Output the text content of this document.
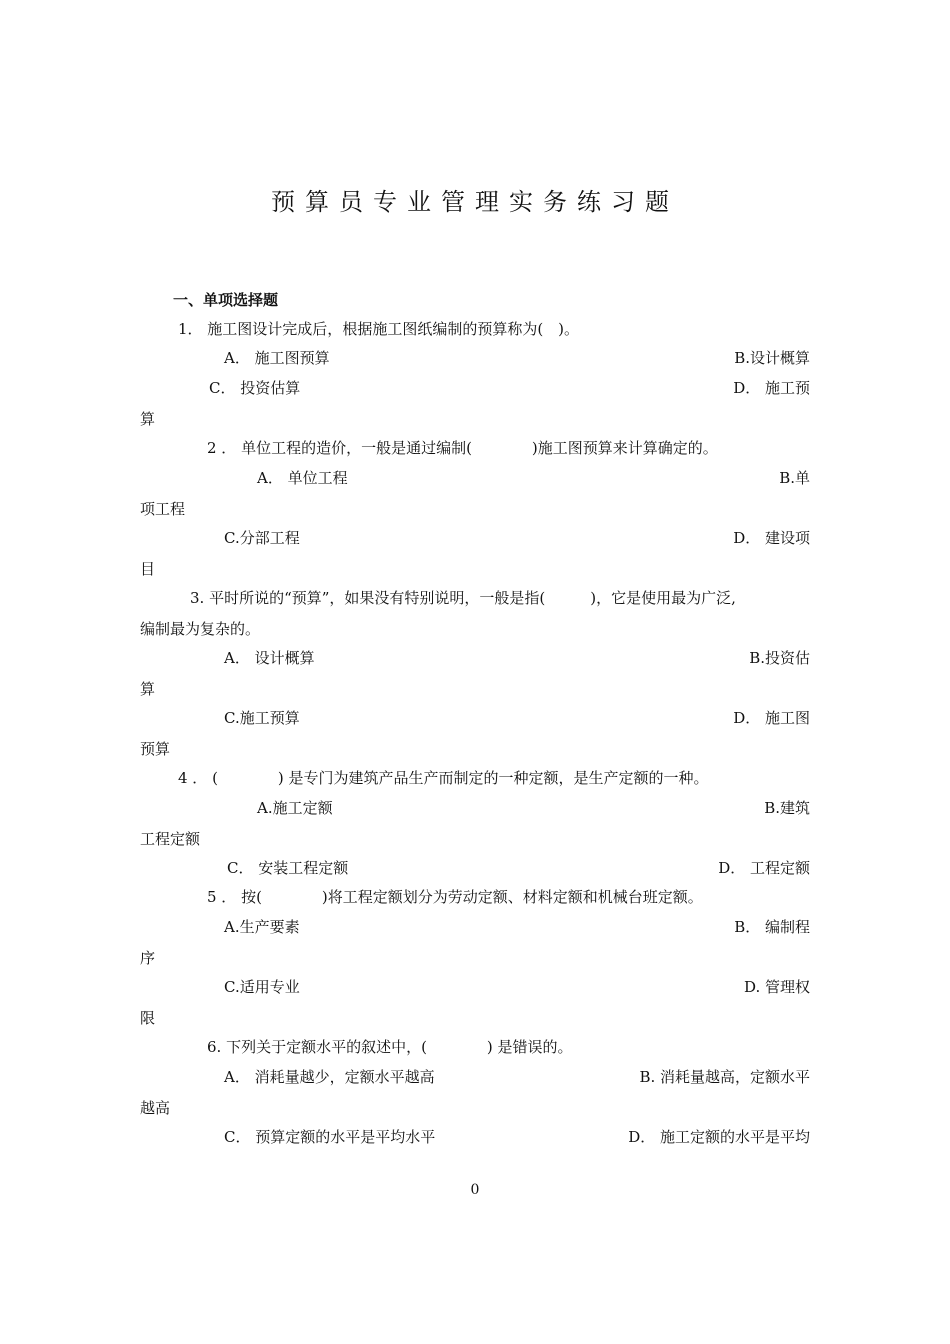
预算员专业管理实务练习题
一、单项选择题
1． 施工图设计完成后，根据施工图纸编制的预算称为(　)。
A． 施工图预算	B.设计概算
C． 投资估算	D． 施工预
算
2 ． 单位工程的造价，一般是通过编制(　　　　)施工图预算来计算确定的。
A． 单位工程	B.单
项工程
C.分部工程	D． 建设项
目
3. 平时所说的“预算”，如果没有特别说明，一般是指(　　　)，它是使用最为广泛,
编制最为复杂的。
A． 设计概算	B.投资估
算
C.施工预算	D． 施工图
预算
4 ． (　　　　) 是专门为建筑产品生产而制定的一种定额，是生产定额的一种。
A.施工定额	B.建筑
工程定额
C． 安装工程定额	D． 工程定额
5 ． 按(　　　　)将工程定额划分为劳动定额、材料定额和机械台班定额。
A.生产要素	B． 编制程
序
C.适用专业	D. 管理权
限
6. 下列关于定额水平的叙述中，(　　　　) 是错误的。
A． 消耗量越少，定额水平越高	B. 消耗量越高，定额水平
越高
C． 预算定额的水平是平均水平	D． 施工定额的水平是平均
0
